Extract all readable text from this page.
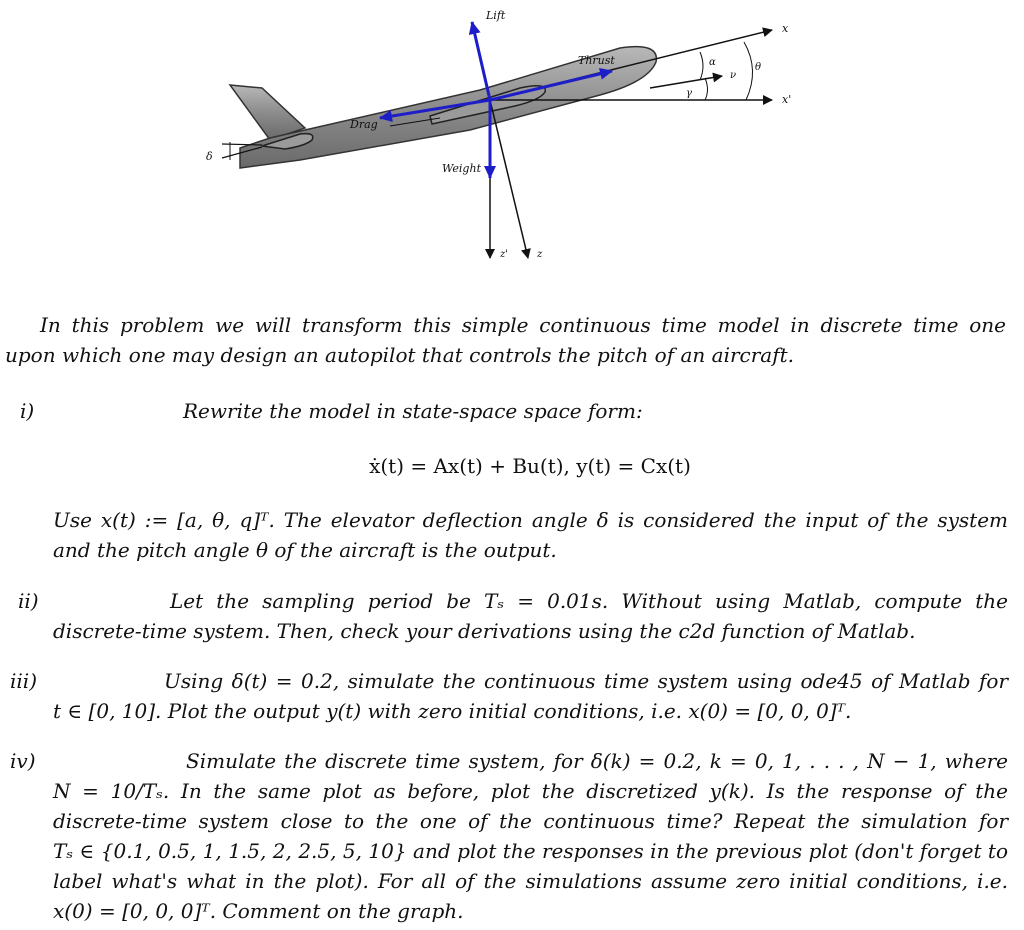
δ
x
x'
α
ν
θ
γ
z'	z
Lift
Thrust
Drag
Weight
In this problem we will transform this simple continuous time model in discrete time one
upon which one may design an autopilot that controls the pitch of an aircraft.
i)	Rewrite the model in state-space space form:
ẋ(t) = Ax(t) + Bu(t), y(t) = Cx(t)
Use x(t) := [a, θ, q]ᵀ. The elevator deflection angle δ is considered the input of the system
and the pitch angle θ of the aircraft is the output.
ii)	Let the sampling period be Tₛ = 0.01s. Without using Matlab, compute the
discrete-time system. Then, check your derivations using the c2d function of Matlab.
iii)	Using δ(t) = 0.2, simulate the continuous time system using ode45 of Matlab for
t ∈ [0, 10]. Plot the output y(t) with zero initial conditions, i.e. x(0) = [0, 0, 0]ᵀ.
iv)	Simulate the discrete time system, for δ(k) = 0.2, k = 0, 1, . . . , N − 1, where
N = 10/Tₛ. In the same plot as before, plot the discretized y(k). Is the response of the
discrete-time system close to the one of the continuous time? Repeat the simulation for
Tₛ ∈ {0.1, 0.5, 1, 1.5, 2, 2.5, 5, 10} and plot the responses in the previous plot (don't forget to
label what's what in the plot). For all of the simulations assume zero initial conditions, i.e.
x(0) = [0, 0, 0]ᵀ. Comment on the graph.
